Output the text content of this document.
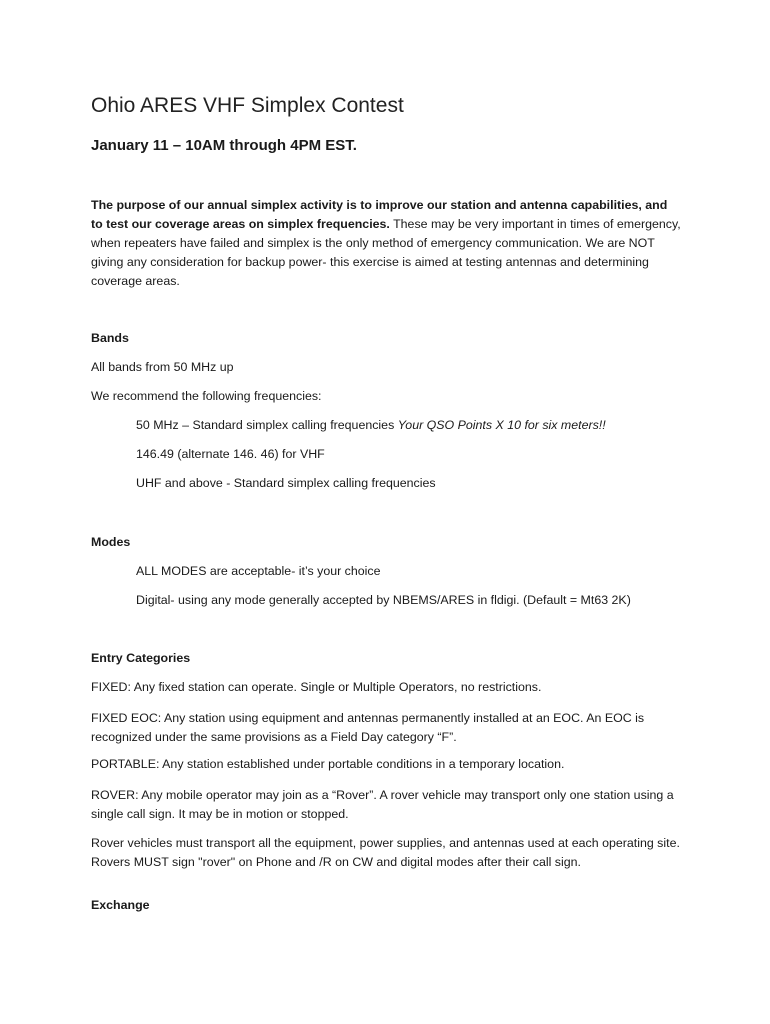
Ohio ARES VHF Simplex Contest
January 11 – 10AM through 4PM EST.

The purpose of our annual simplex activity is to improve our station and antenna capabilities, and to test our coverage areas on simplex frequencies. These may be very important in times of emergency, when repeaters have failed and simplex is the only method of emergency communication. We are NOT giving any consideration for backup power- this exercise is aimed at testing antennas and determining coverage areas.

Bands
All bands from 50 MHz up
We recommend the following frequencies:
50 MHz – Standard simplex calling frequencies Your QSO Points X 10 for six meters!!
146.49 (alternate 146. 46) for VHF
UHF and above - Standard simplex calling frequencies
Modes
ALL MODES are acceptable- it’s your choice
Digital- using any mode generally accepted by NBEMS/ARES in fldigi. (Default = Mt63 2K)
Entry Categories
FIXED: Any fixed station can operate. Single or Multiple Operators, no restrictions.

FIXED EOC: Any station using equipment and antennas permanently installed at an EOC. An EOC is recognized under the same provisions as a Field Day category “F”.

PORTABLE: Any station established under portable conditions in a temporary location.

ROVER: Any mobile operator may join as a “Rover”. A rover vehicle may transport only one station using a single call sign. It may be in motion or stopped.

Rover vehicles must transport all the equipment, power supplies, and antennas used at each operating site. Rovers MUST sign "rover" on Phone and /R on CW and digital modes after their call sign.

Exchange
